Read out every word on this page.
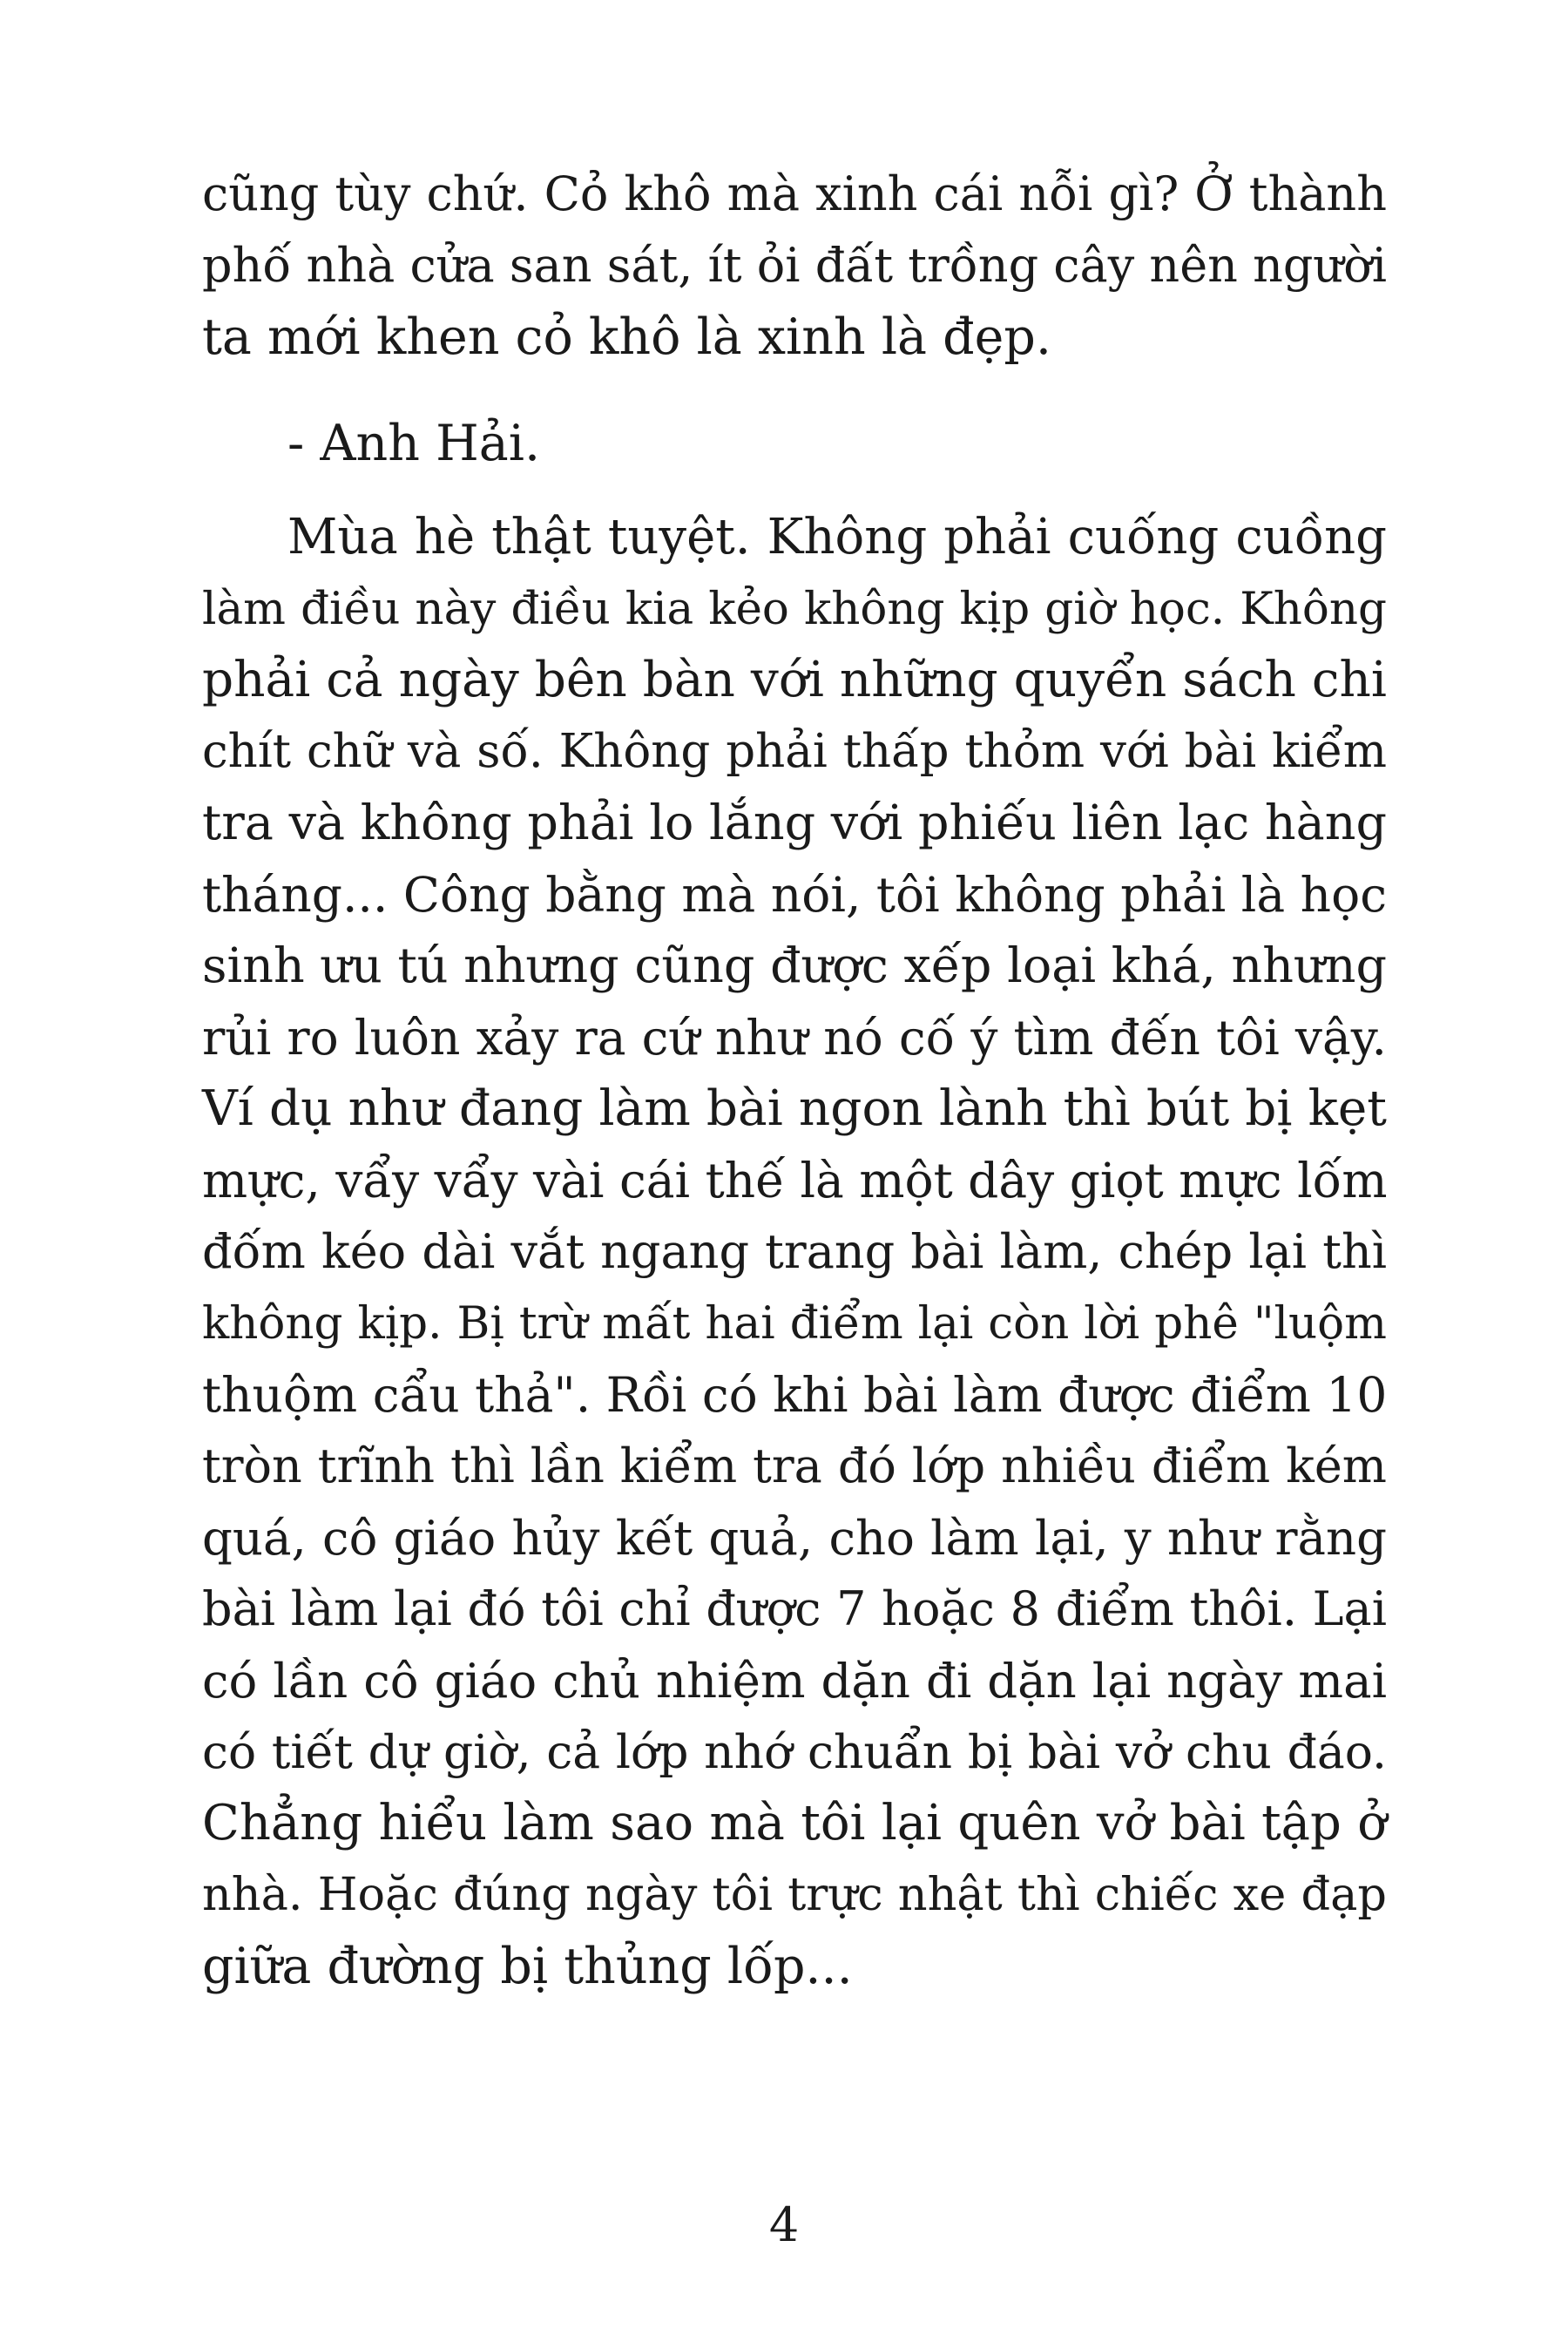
cũng tùy chứ. Cỏ khô mà xinh cái nỗi gì? Ở thành
phố nhà cửa san sát, ít ỏi đất trồng cây nên người
ta mới khen cỏ khô là xinh là đẹp.

- Anh Hải.

Mùa hè thật tuyệt. Không phải cuống cuồng
làm điều này điều kia kẻo không kịp giờ học. Không
phải cả ngày bên bàn với những quyển sách chi
chít chữ và số. Không phải thấp thỏm với bài kiểm
tra và không phải lo lắng với phiếu liên lạc hàng
tháng... Công bằng mà nói, tôi không phải là học
sinh ưu tú nhưng cũng được xếp loại khá, nhưng
rủi ro luôn xảy ra cứ như nó cố ý tìm đến tôi vậy.
Ví dụ như đang làm bài ngon lành thì bút bị kẹt
mực, vẩy vẩy vài cái thế là một dây giọt mực lốm
đốm kéo dài vắt ngang trang bài làm, chép lại thì
không kịp. Bị trừ mất hai điểm lại còn lời phê "luộm
thuộm cẩu thả". Rồi có khi bài làm được điểm 10
tròn trĩnh thì lần kiểm tra đó lớp nhiều điểm kém
quá, cô giáo hủy kết quả, cho làm lại, y như rằng
bài làm lại đó tôi chỉ được 7 hoặc 8 điểm thôi. Lại
có lần cô giáo chủ nhiệm dặn đi dặn lại ngày mai
có tiết dự giờ, cả lớp nhớ chuẩn bị bài vở chu đáo.
Chẳng hiểu làm sao mà tôi lại quên vở bài tập ở
nhà. Hoặc đúng ngày tôi trực nhật thì chiếc xe đạp
giữa đường bị thủng lốp...

4
